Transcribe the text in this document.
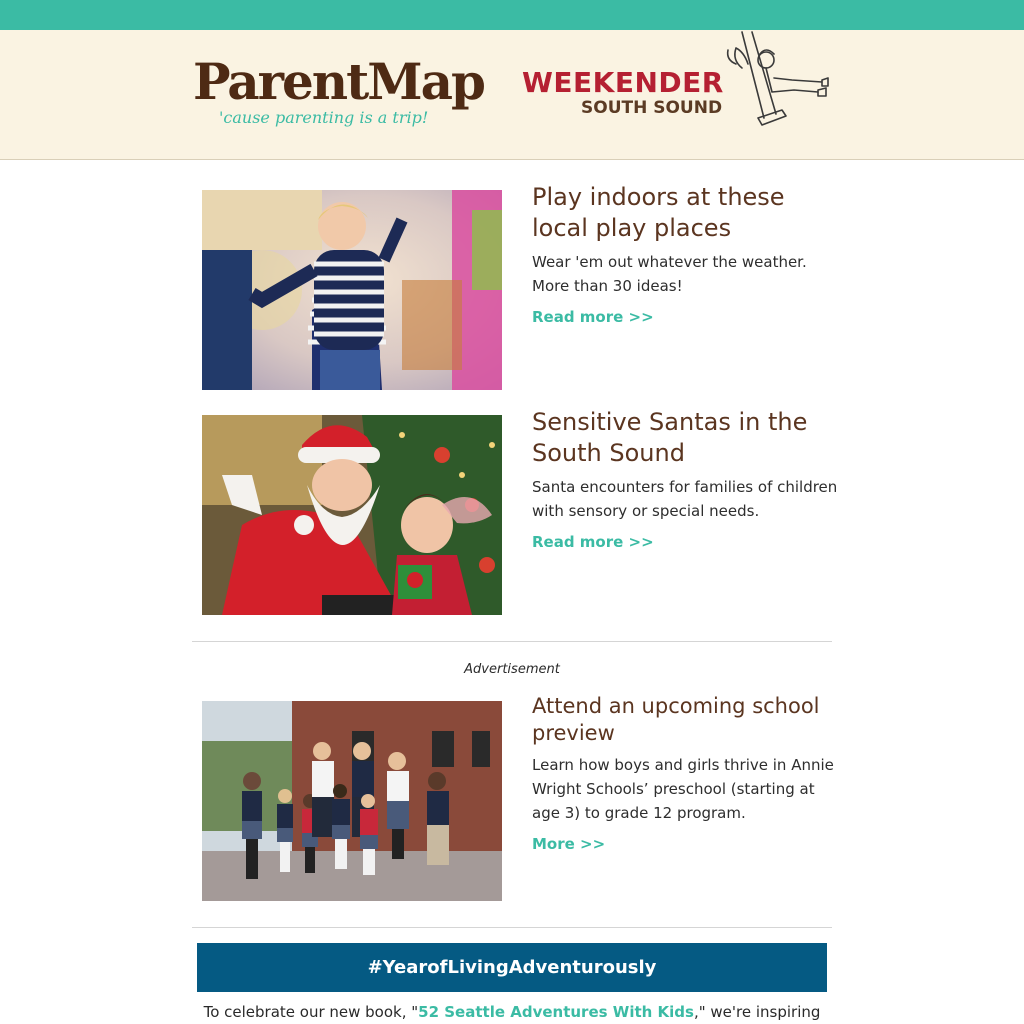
ParentMap
'cause parenting is a trip!
WEEKENDER
SOUTH SOUND
Play indoors at these local play places

Wear 'em out whatever the weather. More than 30 ideas!

Read more >>
Sensitive Santas in the South Sound

Santa encounters for families of children with sensory or special needs.

Read more >>
Advertisement
Attend an upcoming school preview

Learn how boys and girls thrive in Annie Wright Schools’ preschool (starting at age 3) to grade 12 program.

More >>
#YearofLivingAdventurously

To celebrate our new book, "52 Seattle Adventures With Kids," we're inspiring
